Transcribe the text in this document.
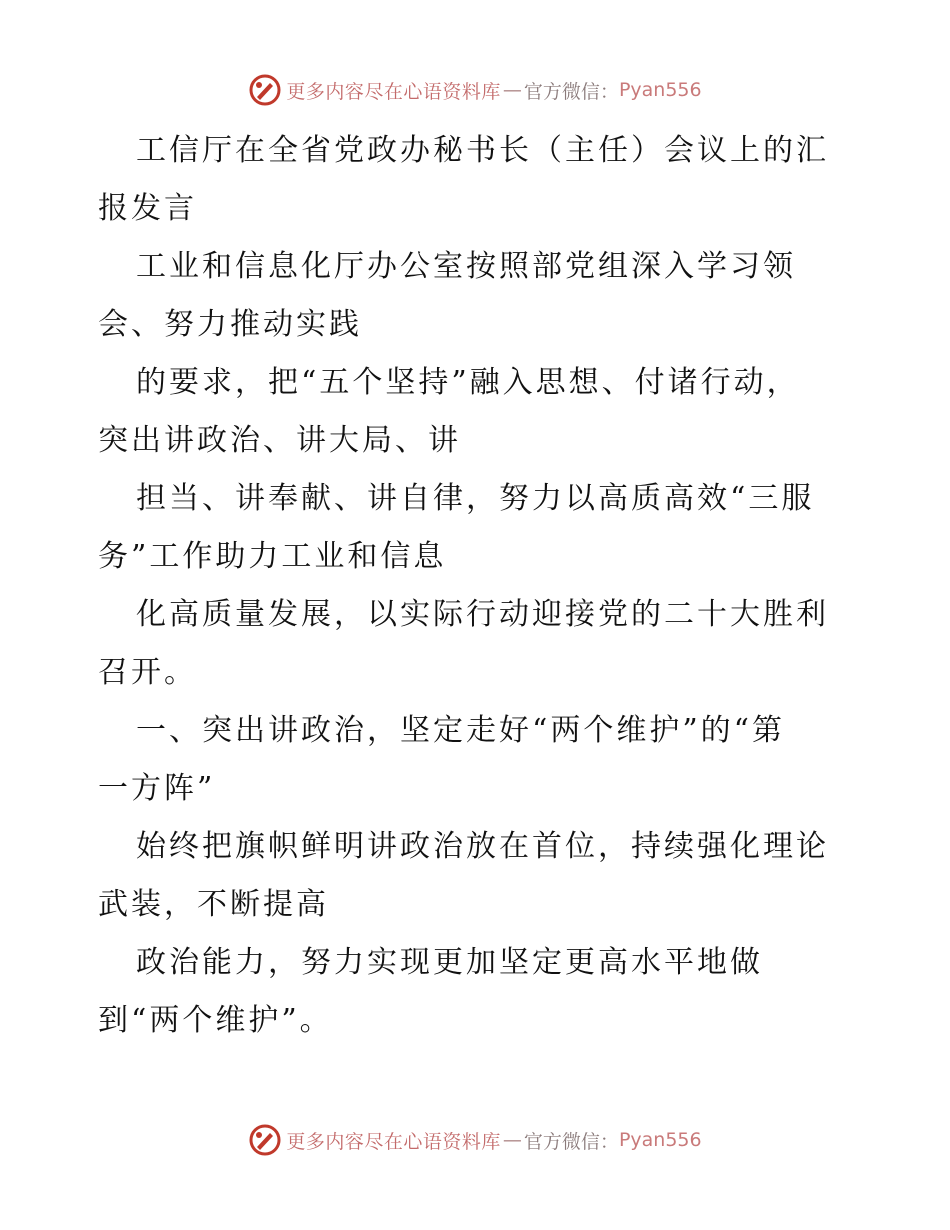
更多内容尽在心语资料库 — 官方微信： Pyan556

工信厅在全省党政办秘书长（主任）会议上的汇
报发言

工业和信息化厅办公室按照部党组深入学习领
会、努力推动实践

的要求，把“五个坚持”融入思想、付诸行动，
突出讲政治、讲大局、讲

担当、讲奉献、讲自律，努力以高质高效“三服
务”工作助力工业和信息

化高质量发展，以实际行动迎接党的二十大胜利
召开。

一、突出讲政治，坚定走好“两个维护”的“第
一方阵”

始终把旗帜鲜明讲政治放在首位，持续强化理论
武装，不断提高

政治能力，努力实现更加坚定更高水平地做
到“两个维护”。

更多内容尽在心语资料库 — 官方微信： Pyan556
